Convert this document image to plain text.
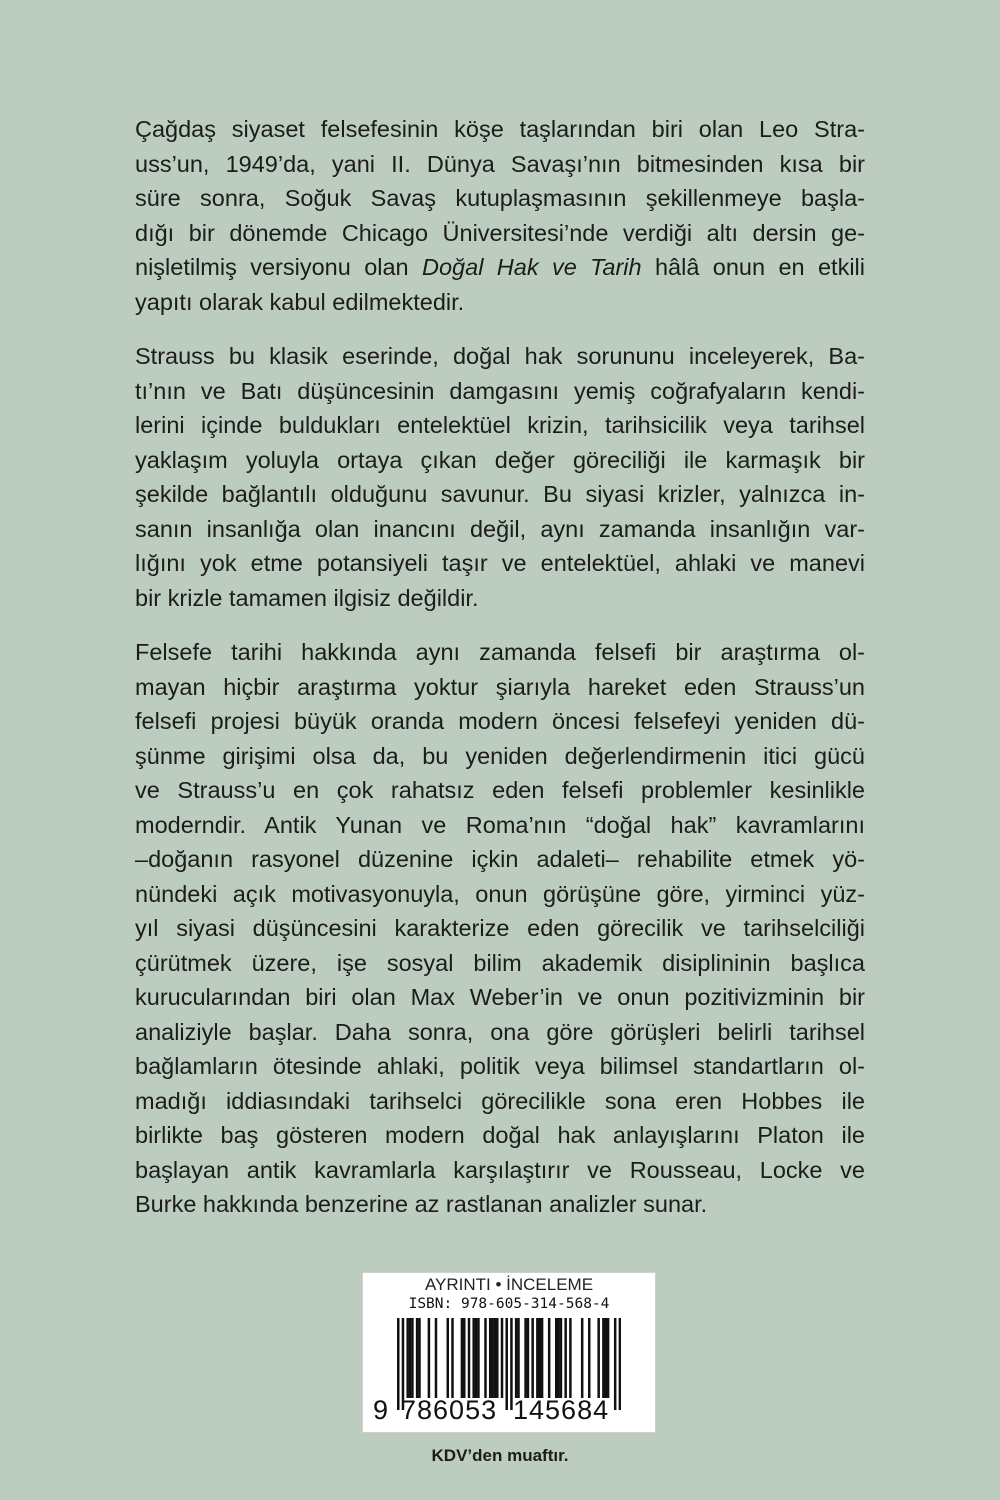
Çağdaş siyaset felsefesinin köşe taşlarından biri olan Leo Stra-
uss’un, 1949’da, yani II. Dünya Savaşı’nın bitmesinden kısa bir
süre sonra, Soğuk Savaş kutuplaşmasının şekillenmeye başla-
dığı bir dönemde Chicago Üniversitesi’nde verdiği altı dersin ge-
nişletilmiş versiyonu olan Doğal Hak ve Tarih hâlâ onun en etkili
yapıtı olarak kabul edilmektedir.

Strauss bu klasik eserinde, doğal hak sorununu inceleyerek, Ba-
tı’nın ve Batı düşüncesinin damgasını yemiş coğrafyaların kendi-
lerini içinde buldukları entelektüel krizin, tarihsicilik veya tarihsel
yaklaşım yoluyla ortaya çıkan değer göreciliği ile karmaşık bir
şekilde bağlantılı olduğunu savunur. Bu siyasi krizler, yalnızca in-
sanın insanlığa olan inancını değil, aynı zamanda insanlığın var-
lığını yok etme potansiyeli taşır ve entelektüel, ahlaki ve manevi
bir krizle tamamen ilgisiz değildir.

Felsefe tarihi hakkında aynı zamanda felsefi bir araştırma ol-
mayan hiçbir araştırma yoktur şiarıyla hareket eden Strauss’un
felsefi projesi büyük oranda modern öncesi felsefeyi yeniden dü-
şünme girişimi olsa da, bu yeniden değerlendirmenin itici gücü
ve Strauss’u en çok rahatsız eden felsefi problemler kesinlikle
moderndir. Antik Yunan ve Roma’nın “doğal hak” kavramlarını
–doğanın rasyonel düzenine içkin adaleti– rehabilite etmek yö-
nündeki açık motivasyonuyla, onun görüşüne göre, yirminci yüz-
yıl siyasi düşüncesini karakterize eden görecilik ve tarihselciliği
çürütmek üzere, işe sosyal bilim akademik disiplininin başlıca
kurucularından biri olan Max Weber’in ve onun pozitivizminin bir
analiziyle başlar. Daha sonra, ona göre görüşleri belirli tarihsel
bağlamların ötesinde ahlaki, politik veya bilimsel standartların ol-
madığı iddiasındaki tarihselci görecilikle sona eren Hobbes ile
birlikte baş gösteren modern doğal hak anlayışlarını Platon ile
başlayan antik kavramlarla karşılaştırır ve Rousseau, Locke ve
Burke hakkında benzerine az rastlanan analizler sunar.

KDV’den muaftır.
AYRINTI • İNCELEME
ISBN: 978-605-314-568-4
9 786053 145684
